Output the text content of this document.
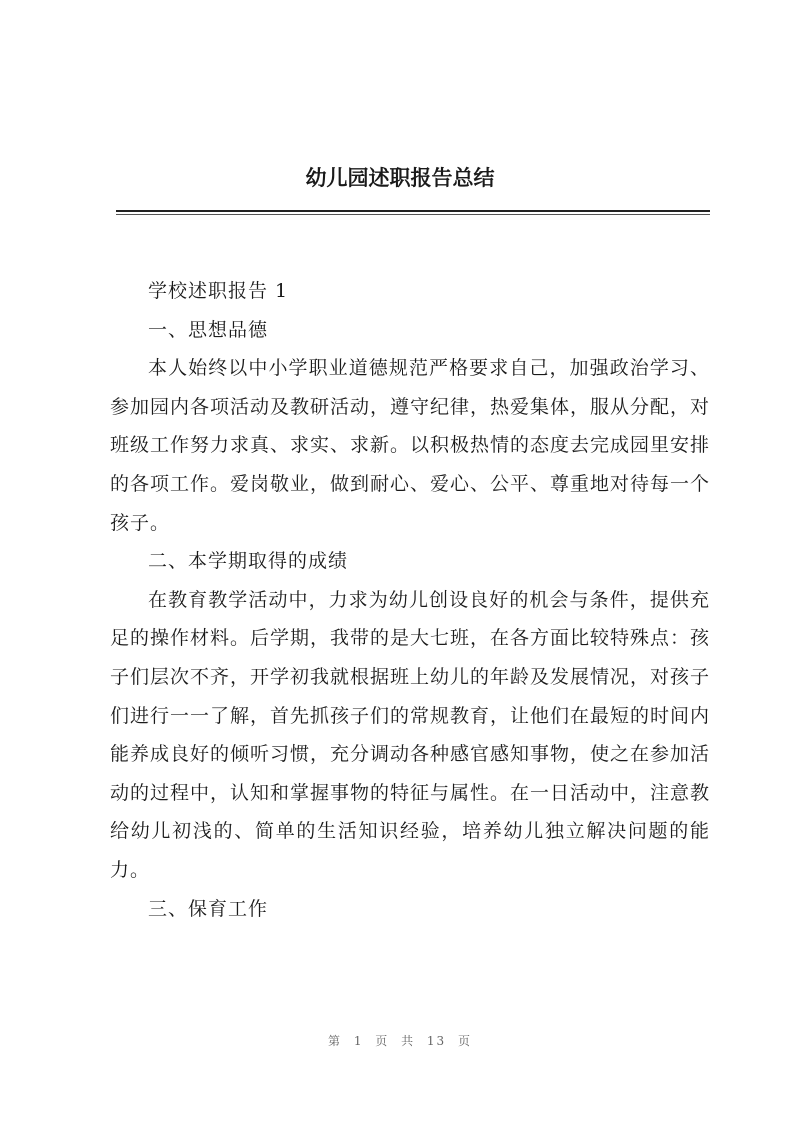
幼儿园述职报告总结

学校述职报告 1

一、思想品德

本人始终以中小学职业道德规范严格要求自己，加强政治学习、参加园内各项活动及教研活动，遵守纪律，热爱集体，服从分配，对班级工作努力求真、求实、求新。以积极热情的态度去完成园里安排的各项工作。爱岗敬业，做到耐心、爱心、公平、尊重地对待每一个孩子。

二、本学期取得的成绩

在教育教学活动中，力求为幼儿创设良好的机会与条件，提供充足的操作材料。后学期，我带的是大七班，在各方面比较特殊点：孩子们层次不齐，开学初我就根据班上幼儿的年龄及发展情况，对孩子们进行一一了解，首先抓孩子们的常规教育，让他们在最短的时间内能养成良好的倾听习惯，充分调动各种感官感知事物，使之在参加活动的过程中，认知和掌握事物的特征与属性。在一日活动中，注意教给幼儿初浅的、简单的生活知识经验，培养幼儿独立解决问题的能力。

三、保育工作

第 1 页 共 13 页
